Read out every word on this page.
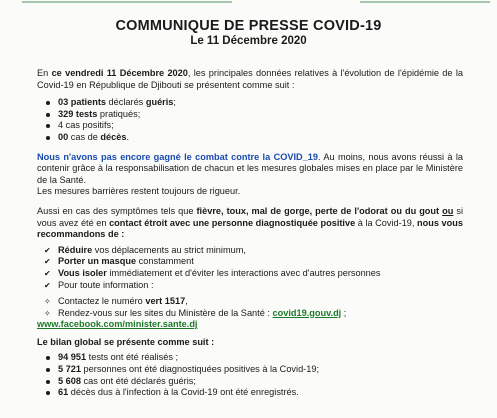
COMMUNIQUE DE PRESSE COVID-19
Le 11 Décembre 2020

En ce vendredi 11 Décembre 2020, les principales données relatives à l'évolution de l'épidémie de la Covid-19 en République de Djibouti se présentent comme suit :

03 patients déclarés guéris;
329 tests pratiqués;
4 cas positifs;
00 cas de décès.

Nous n'avons pas encore gagné le combat contre la COVID_19. Au moins, nous avons réussi à la contenir grâce à la responsabilisation de chacun et les mesures globales mises en place par le Ministère de la Santé.

Les mesures barrières restent toujours de rigueur.

Aussi en cas des symptômes tels que fièvre, toux, mal de gorge, perte de l'odorat ou du gout ou si vous avez été en contact étroit avec une personne diagnostiquée positive à la Covid-19, nous vous recommandons de :

✔ Réduire vos déplacements au strict minimum,
✔ Porter un masque constamment
✔ Vous isoler immédiatement et d'éviter les interactions avec d'autres personnes
✔ Pour toute information :
✧ Contactez le numéro vert 1517,
✧ Rendez-vous sur les sites du Ministère de la Santé : covid19.gouv.dj ;

www.facebook.com/minister.sante.dj

Le bilan global se présente comme suit :

94 951 tests ont été réalisés ;
5 721 personnes ont été diagnostiquées positives à la Covid-19;
5 608 cas ont été déclarés guéris;
61 décès dus à l'infection à la Covid-19 ont été enregistrés.
